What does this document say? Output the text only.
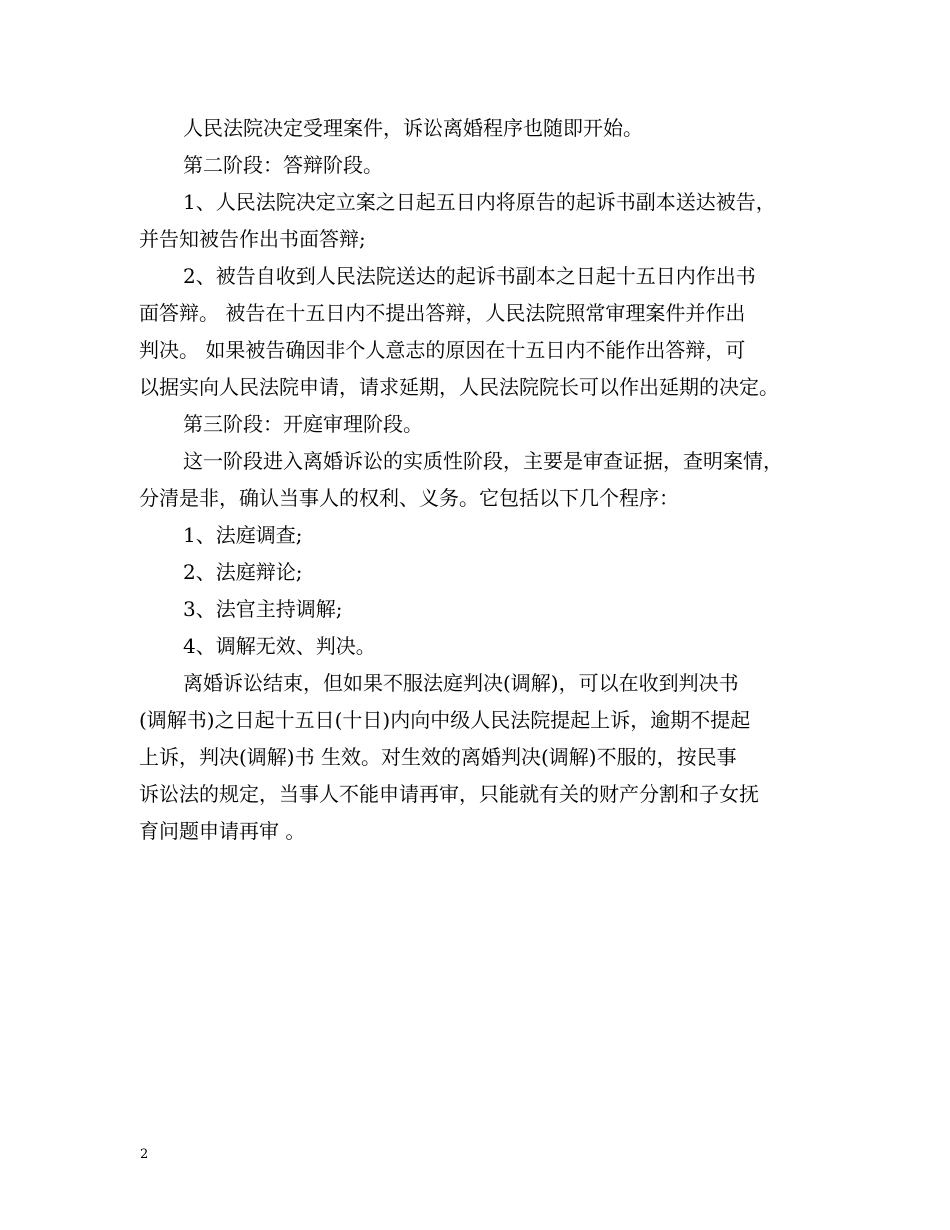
人民法院决定受理案件，诉讼离婚程序也随即开始。
第二阶段：答辩阶段。
1、人民法院决定立案之日起五日内将原告的起诉书副本送达被告，
并告知被告作出书面答辩;
2、被告自收到人民法院送达的起诉书副本之日起十五日内作出书
面答辩。 被告在十五日内不提出答辩，人民法院照常审理案件并作出
判决。 如果被告确因非个人意志的原因在十五日内不能作出答辩，可
以据实向人民法院申请，请求延期，人民法院院长可以作出延期的决定。
第三阶段：开庭审理阶段。
这一阶段进入离婚诉讼的实质性阶段，主要是审查证据，查明案情，
分清是非，确认当事人的权利、义务。它包括以下几个程序：
1、法庭调查;
2、法庭辩论;
3、法官主持调解;
4、调解无效、判决。
离婚诉讼结束，但如果不服法庭判决(调解)，可以在收到判决书
(调解书)之日起十五日(十日)内向中级人民法院提起上诉，逾期不提起
上诉，判决(调解)书 生效。对生效的离婚判决(调解)不服的，按民事
诉讼法的规定，当事人不能申请再审，只能就有关的财产分割和子女抚
育问题申请再审 。
2
